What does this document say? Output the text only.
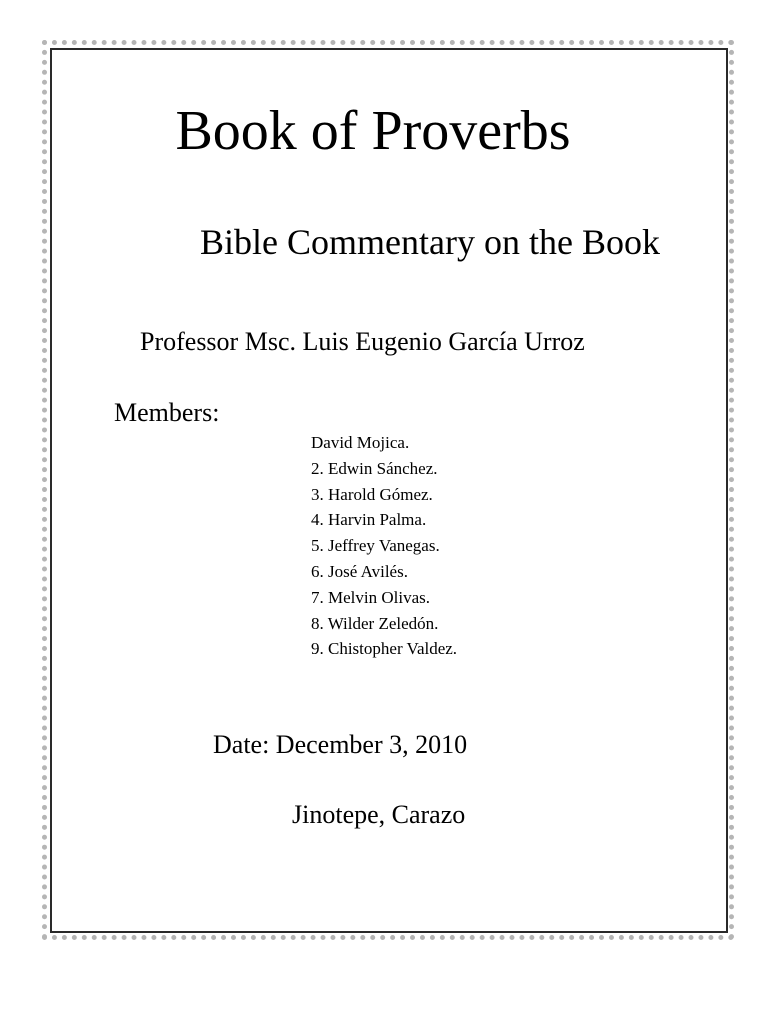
Book of Proverbs
Bible Commentary on the Book
Professor Msc. Luis Eugenio García Urroz
Members:
David Mojica.
2. Edwin Sánchez.
3. Harold Gómez.
4. Harvin Palma.
5. Jeffrey Vanegas.
6. José Avilés.
7. Melvin Olivas.
8. Wilder Zeledón.
9. Chistopher Valdez.
Date: December 3, 2010
Jinotepe, Carazo
